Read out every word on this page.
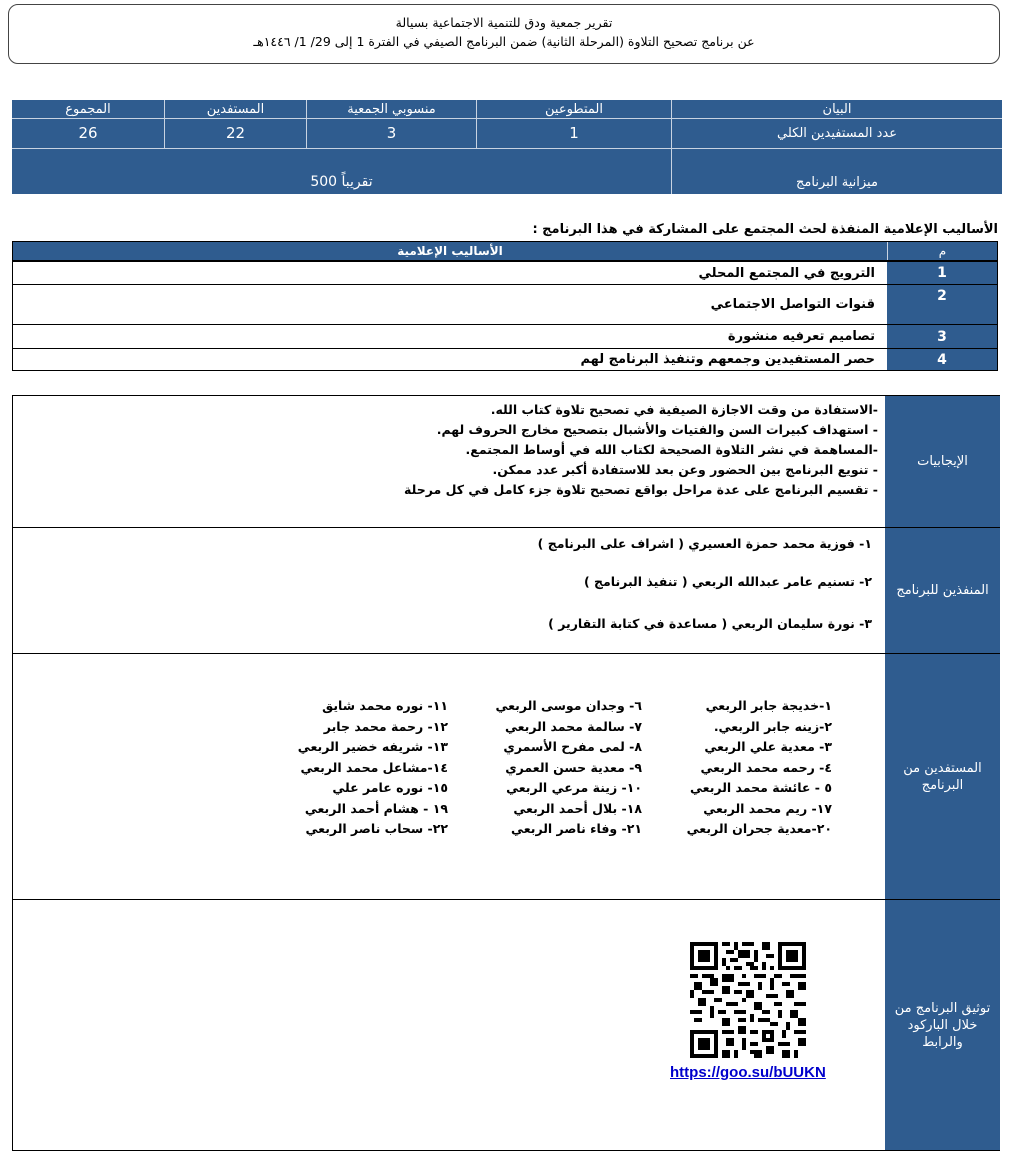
تقرير جمعية ودق للتنمية الاجتماعية بسيالة
عن برنامج تصحيح التلاوة (المرحلة الثانية) ضمن البرنامج الصيفي في الفترة 1 إلى 29/ 1/ ١٤٤٦هـ
البيان
المتطوعين
منسوبي الجمعية
المستفدين
المجموع
عدد المستفيدين الكلي
1
3
22
26
ميزانية البرنامج
500 تقريباً
الأساليب الإعلامية المنفذة لحث المجتمع على المشاركة في هذا البرنامج :
م
الأساليب الإعلامية
1
الترويج في المجتمع المحلي
2
قنوات التواصل الاجتماعي
3
تصاميم تعرفيه منشورة
4
حصر المستفيدين وجمعهم وتنفيذ البرنامج لهم
الإيجابيات
-الاستفادة من وقت الاجازة الصيفية في تصحيح تلاوة كتاب الله.
- استهداف كبيرات السن والفتيات والأشبال بتصحيح مخارج الحروف لهم.
-المساهمة في نشر التلاوة الصحيحة لكتاب الله في أوساط المجتمع.
- تنويع البرنامج بين الحضور وعن بعد للاستفادة أكبر عدد ممكن.
- تقسيم البرنامج على عدة مراحل بواقع تصحيح تلاوة جزء كامل في كل مرحلة
المنفذين للبرنامج
١- فوزية محمد حمزة العسيري ( اشراف على البرنامج )
٢- تسنيم عامر عبدالله الربعي ( تنفيذ البرنامج )
٣- نورة سليمان الربعي ( مساعدة في كتابة التقارير )
المستفدين من البرنامج
١-خديجة جابر الربعي
٢-زينه جابر الربعي.
٣- معدية علي الربعي
٤- رحمه محمد الربعي
٥ - عائشة محمد الربعي
١٧- ريم محمد الربعي
٢٠-معدية جحران الربعي
٦- وجدان موسى الربعي
٧- سالمة محمد الربعي
٨- لمى مفرح الأسمري
٩- معدية حسن العمري
١٠- زينة مرعي الربعي
١٨- بلال أحمد الربعي
٢١- وفاء ناصر الربعي
١١- نوره محمد شايق
١٢- رحمة محمد جابر
١٣- شريفه خضير الربعي
١٤-مشاعل محمد الربعي
١٥- نوره عامر علي
١٩ - هشام أحمد الربعي
٢٢- سحاب ناصر الربعي
توثيق البرنامج من خلال الباركود والرابط
https://goo.su/bUUKN
